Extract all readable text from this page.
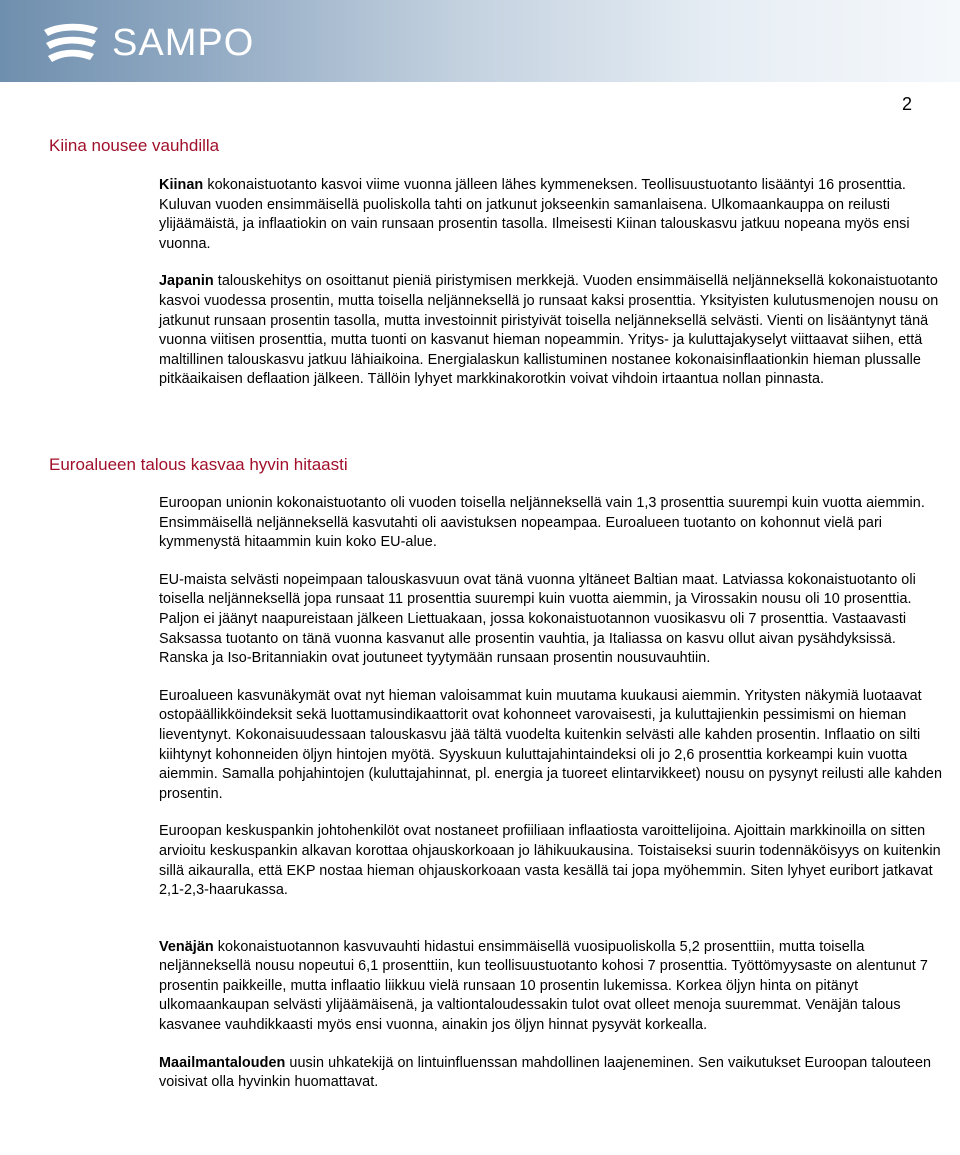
SAMPO
2
Kiina nousee vauhdilla

Kiinan kokonaistuotanto kasvoi viime vuonna jälleen lähes kymmeneksen. Teollisuustuotanto lisääntyi 16 prosenttia. Kuluvan vuoden ensimmäisellä puoliskolla tahti on jatkunut jokseenkin samanlaisena. Ulkomaankauppa on reilusti ylijäämäistä, ja inflaatiokin on vain runsaan prosentin tasolla. Ilmeisesti Kiinan talouskasvu jatkuu nopeana myös ensi vuonna.

Japanin talouskehitys on osoittanut pieniä piristymisen merkkejä. Vuoden ensimmäisellä neljänneksellä kokonaistuotanto kasvoi vuodessa prosentin, mutta toisella neljänneksellä jo runsaat kaksi prosenttia. Yksityisten kulutusmenojen nousu on jatkunut runsaan prosentin tasolla, mutta investoinnit piristyivät toisella neljänneksellä selvästi. Vienti on lisääntynyt tänä vuonna viitisen prosenttia, mutta tuonti on kasvanut hieman nopeammin. Yritys- ja kuluttajakyselyt viittaavat siihen, että maltillinen talouskasvu jatkuu lähiaikoina. Energialaskun kallistuminen nostanee kokonaisinflaationkin hieman plussalle pitkäaikaisen deflaation jälkeen. Tällöin lyhyet markkinakorotkin voivat vihdoin irtaantua nollan pinnasta.

Euroalueen talous kasvaa hyvin hitaasti

Euroopan unionin kokonaistuotanto oli vuoden toisella neljänneksellä vain 1,3 prosenttia suurempi kuin vuotta aiemmin. Ensimmäisellä neljänneksellä kasvutahti oli aavistuksen nopeampaa. Euroalueen tuotanto on kohonnut vielä pari kymmenystä hitaammin kuin koko EU-alue.

EU-maista selvästi nopeimpaan talouskasvuun ovat tänä vuonna yltäneet Baltian maat. Latviassa kokonaistuotanto oli toisella neljänneksellä jopa runsaat 11 prosenttia suurempi kuin vuotta aiemmin, ja Virossakin nousu oli 10 prosenttia. Paljon ei jäänyt naapureistaan jälkeen Liettuakaan, jossa kokonaistuotannon vuosikasvu oli 7 prosenttia. Vastaavasti Saksassa tuotanto on tänä vuonna kasvanut alle prosentin vauhtia, ja Italiassa on kasvu ollut aivan pysähdyksissä. Ranska ja Iso-Britanniakin ovat joutuneet tyytymään runsaan prosentin nousuvauhtiin.

Euroalueen kasvunäkymät ovat nyt hieman valoisammat kuin muutama kuukausi aiemmin. Yritysten näkymiä luotaavat ostopäällikköindeksit sekä luottamusindikaattorit ovat kohonneet varovaisesti, ja kuluttajienkin pessimismi on hieman lieventynyt. Kokonaisuudessaan talouskasvu jää tältä vuodelta kuitenkin selvästi alle kahden prosentin. Inflaatio on silti kiihtynyt kohonneiden öljyn hintojen myötä. Syyskuun kuluttajahintaindeksi oli jo 2,6 prosenttia korkeampi kuin vuotta aiemmin. Samalla pohjahintojen (kuluttajahinnat, pl. energia ja tuoreet elintarvikkeet) nousu on pysynyt reilusti alle kahden prosentin.

Euroopan keskuspankin johtohenkilöt ovat nostaneet profiiliaan inflaatiosta varoittelijoina. Ajoittain markkinoilla on sitten arvioitu keskuspankin alkavan korottaa ohjauskorkoaan jo lähikuukausina. Toistaiseksi suurin todennäköisyys on kuitenkin sillä aikauralla, että EKP nostaa hieman ohjauskorkoaan vasta kesällä tai jopa myöhemmin. Siten lyhyet euribort jatkavat 2,1-2,3-haarukassa.

Venäjän kokonaistuotannon kasvuvauhti hidastui ensimmäisellä vuosipuoliskolla 5,2 prosenttiin, mutta toisella neljänneksellä nousu nopeutui 6,1 prosenttiin, kun teollisuustuotanto kohosi 7 prosenttia. Työttömyysaste on alentunut 7 prosentin paikkeille, mutta inflaatio liikkuu vielä runsaan 10 prosentin lukemissa. Korkea öljyn hinta on pitänyt ulkomaankaupan selvästi ylijäämäisenä, ja valtiontaloudessakin tulot ovat olleet menoja suuremmat. Venäjän talous kasvanee vauhdikkaasti myös ensi vuonna, ainakin jos öljyn hinnat pysyvät korkealla.

Maailmantalouden uusin uhkatekijä on lintuinfluenssan mahdollinen laajeneminen. Sen vaikutukset Euroopan talouteen voisivat olla hyvinkin huomattavat.
